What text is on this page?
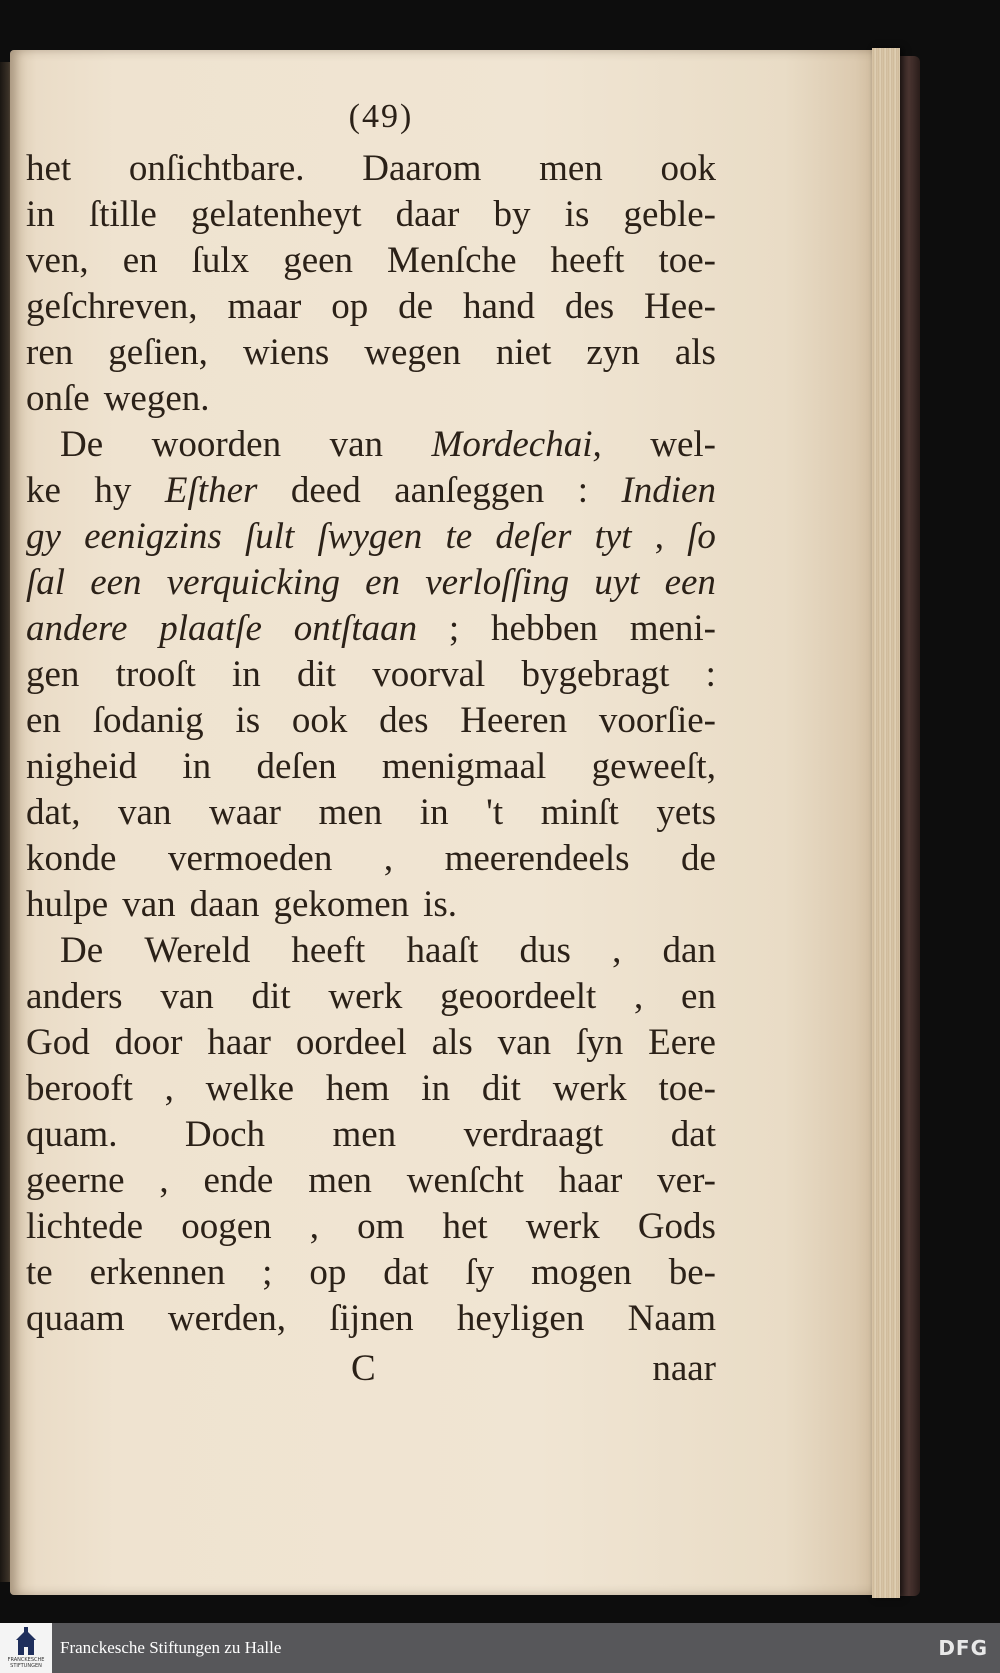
(49)
het onſichtbare. Daarom men ook
in ſtille gelatenheyt daar by is geble-
ven, en ſulx geen Menſche heeft toe-
geſchreven, maar op de hand des Hee-
ren geſien, wiens wegen niet zyn als
onſe wegen.
De woorden van Mordechai, wel-
ke hy Eſther deed aanſeggen : Indien
gy eenigzins ſult ſwygen te deſer tyt , ſo
ſal een verquicking en verloſſing uyt een
andere plaatſe ontſtaan ; hebben meni-
gen trooſt in dit voorval bygebragt :
en ſodanig is ook des Heeren voorſie-
nigheid in deſen menigmaal geweeſt,
dat, van waar men in 't minſt yets
konde vermoeden , meerendeels de
hulpe van daan gekomen is.
De Wereld heeft haaſt dus , dan
anders van dit werk geoordeelt , en
God door haar oordeel als van ſyn Eere
berooft , welke hem in dit werk toe-
quam. Doch men verdraagt dat
geerne , ende men wenſcht haar ver-
lichtede oogen , om het werk Gods
te erkennen ; op dat ſy mogen be-
quaam werden, ſijnen heyligen Naam
C	naar
FRANCKESCHE STIFTUNGEN
Franckesche Stiftungen zu Halle	DFG
